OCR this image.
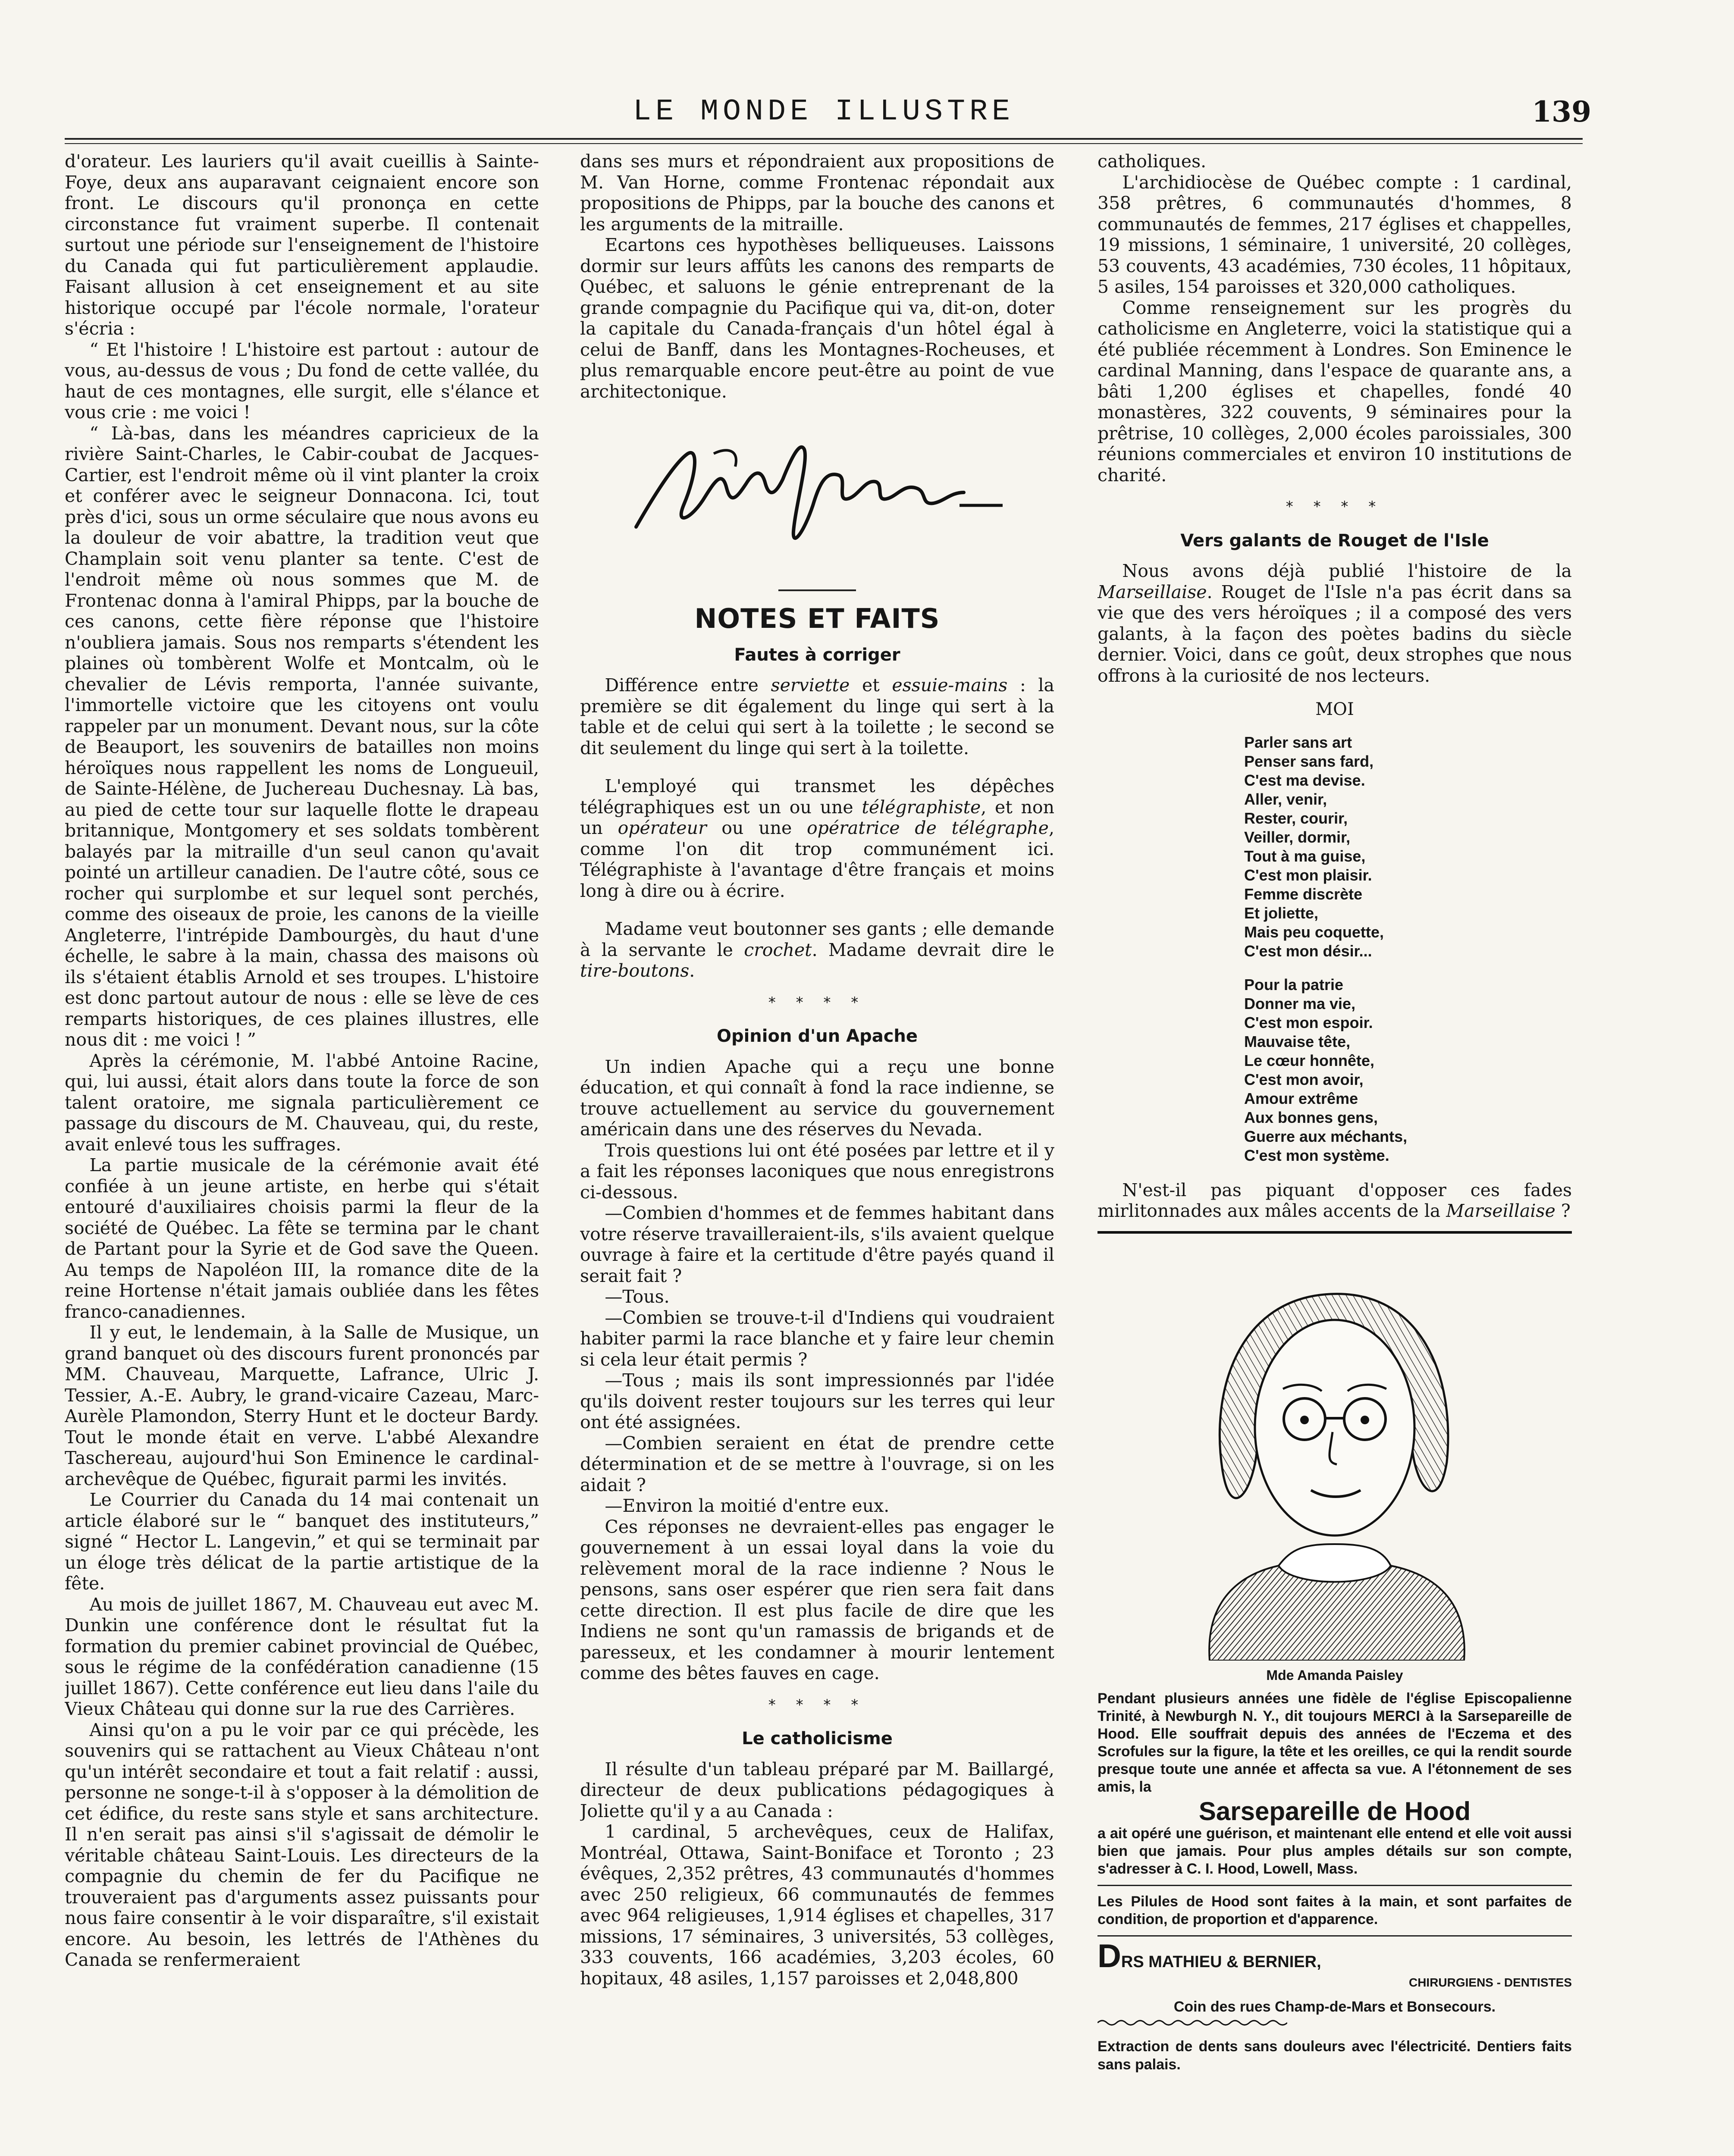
LE MONDE ILLUSTRE	139

d'orateur. Les lauriers qu'il avait cueillis à Sainte-Foye, deux ans auparavant ceignaient encore son front. Le discours qu'il prononça en cette circonstance fut vraiment superbe. Il contenait surtout une période sur l'enseignement de l'histoire du Canada qui fut particulièrement applaudie. Faisant allusion à cet enseignement et au site historique occupé par l'école normale, l'orateur s'écria :

“ Et l'histoire ! L'histoire est partout : autour de vous, au-dessus de vous ; Du fond de cette vallée, du haut de ces montagnes, elle surgit, elle s'élance et vous crie : me voici !

“ Là-bas, dans les méandres capricieux de la rivière Saint-Charles, le Cabir-coubat de Jacques-Cartier, est l'endroit même où il vint planter la croix et conférer avec le seigneur Donnacona. Ici, tout près d'ici, sous un orme séculaire que nous avons eu la douleur de voir abattre, la tradition veut que Champlain soit venu planter sa tente. C'est de l'endroit même où nous sommes que M. de Frontenac donna à l'amiral Phipps, par la bouche de ces canons, cette fière réponse que l'histoire n'oubliera jamais. Sous nos remparts s'étendent les plaines où tombèrent Wolfe et Montcalm, où le chevalier de Lévis remporta, l'année suivante, l'immortelle victoire que les citoyens ont voulu rappeler par un monument. Devant nous, sur la côte de Beauport, les souvenirs de batailles non moins héroïques nous rappellent les noms de Longueuil, de Sainte-Hélène, de Juchereau Duchesnay. Là bas, au pied de cette tour sur laquelle flotte le drapeau britannique, Montgomery et ses soldats tombèrent balayés par la mitraille d'un seul canon qu'avait pointé un artilleur canadien. De l'autre côté, sous ce rocher qui surplombe et sur lequel sont perchés, comme des oiseaux de proie, les canons de la vieille Angleterre, l'intrépide Dambourgès, du haut d'une échelle, le sabre à la main, chassa des maisons où ils s'étaient établis Arnold et ses troupes. L'histoire est donc partout autour de nous : elle se lève de ces remparts historiques, de ces plaines illustres, elle nous dit : me voici ! ”

Après la cérémonie, M. l'abbé Antoine Racine, qui, lui aussi, était alors dans toute la force de son talent oratoire, me signala particulièrement ce passage du discours de M. Chauveau, qui, du reste, avait enlevé tous les suffrages.

La partie musicale de la cérémonie avait été confiée à un jeune artiste, en herbe qui s'était entouré d'auxiliaires choisis parmi la fleur de la société de Québec. La fête se termina par le chant de Partant pour la Syrie et de God save the Queen. Au temps de Napoléon III, la romance dite de la reine Hortense n'était jamais oubliée dans les fêtes franco-canadiennes.

Il y eut, le lendemain, à la Salle de Musique, un grand banquet où des discours furent prononcés par MM. Chauveau, Marquette, Lafrance, Ulric J. Tessier, A.-E. Aubry, le grand-vicaire Cazeau, Marc-Aurèle Plamondon, Sterry Hunt et le docteur Bardy. Tout le monde était en verve. L'abbé Alexandre Taschereau, aujourd'hui Son Eminence le cardinal-archevêque de Québec, figurait parmi les invités.

Le Courrier du Canada du 14 mai contenait un article élaboré sur le “ banquet des instituteurs,” signé “ Hector L. Langevin,” et qui se terminait par un éloge très délicat de la partie artistique de la fête.

Au mois de juillet 1867, M. Chauveau eut avec M. Dunkin une conférence dont le résultat fut la formation du premier cabinet provincial de Québec, sous le régime de la confédération canadienne (15 juillet 1867). Cette conférence eut lieu dans l'aile du Vieux Château qui donne sur la rue des Carrières.

Ainsi qu'on a pu le voir par ce qui précède, les souvenirs qui se rattachent au Vieux Château n'ont qu'un intérêt secondaire et tout a fait relatif : aussi, personne ne songe-t-il à s'opposer à la démolition de cet édifice, du reste sans style et sans architecture. Il n'en serait pas ainsi s'il s'agissait de démolir le véritable château Saint-Louis. Les directeurs de la compagnie du chemin de fer du Pacifique ne trouveraient pas d'arguments assez puissants pour nous faire consentir à le voir disparaître, s'il existait encore. Au besoin, les lettrés de l'Athènes du Canada se renfermeraient

dans ses murs et répondraient aux propositions de M. Van Horne, comme Frontenac répondait aux propositions de Phipps, par la bouche des canons et les arguments de la mitraille.

Ecartons ces hypothèses belliqueuses. Laissons dormir sur leurs affûts les canons des remparts de Québec, et saluons le génie entreprenant de la grande compagnie du Pacifique qui va, dit-on, doter la capitale du Canada-français d'un hôtel égal à celui de Banff, dans les Montagnes-Rocheuses, et plus remarquable encore peut-être au point de vue architectonique.

NOTES ET FAITS
Fautes à corriger

Différence entre serviette et essuie-mains : la première se dit également du linge qui sert à la table et de celui qui sert à la toilette ; le second se dit seulement du linge qui sert à la toilette.

L'employé qui transmet les dépêches télégraphiques est un ou une télégraphiste, et non un opérateur ou une opératrice de télégraphe, comme l'on dit trop communément ici. Télégraphiste à l'avantage d'être français et moins long à dire ou à écrire.

Madame veut boutonner ses gants ; elle demande à la servante le crochet. Madame devrait dire le tire-boutons.

* * * *
Opinion d'un Apache

Un indien Apache qui a reçu une bonne éducation, et qui connaît à fond la race indienne, se trouve actuellement au service du gouvernement américain dans une des réserves du Nevada.

Trois questions lui ont été posées par lettre et il y a fait les réponses laconiques que nous enregistrons ci-dessous.

—Combien d'hommes et de femmes habitant dans votre réserve travailleraient-ils, s'ils avaient quelque ouvrage à faire et la certitude d'être payés quand il serait fait ?

—Tous.

—Combien se trouve-t-il d'Indiens qui voudraient habiter parmi la race blanche et y faire leur chemin si cela leur était permis ?

—Tous ; mais ils sont impressionnés par l'idée qu'ils doivent rester toujours sur les terres qui leur ont été assignées.

—Combien seraient en état de prendre cette détermination et de se mettre à l'ouvrage, si on les aidait ?

—Environ la moitié d'entre eux.

Ces réponses ne devraient-elles pas engager le gouvernement à un essai loyal dans la voie du relèvement moral de la race indienne ? Nous le pensons, sans oser espérer que rien sera fait dans cette direction. Il est plus facile de dire que les Indiens ne sont qu'un ramassis de brigands et de paresseux, et les condamner à mourir lentement comme des bêtes fauves en cage.

* * * *
Le catholicisme

Il résulte d'un tableau préparé par M. Baillargé, directeur de deux publications pédagogiques à Joliette qu'il y a au Canada :

1 cardinal, 5 archevêques, ceux de Halifax, Montréal, Ottawa, Saint-Boniface et Toronto ; 23 évêques, 2,352 prêtres, 43 communautés d'hommes avec 250 religieux, 66 communautés de femmes avec 964 religieuses, 1,914 églises et chapelles, 317 missions, 17 séminaires, 3 universités, 53 collèges, 333 couvents, 166 académies, 3,203 écoles, 60 hopitaux, 48 asiles, 1,157 paroisses et 2,048,800

catholiques.

L'archidiocèse de Québec compte : 1 cardinal, 358 prêtres, 6 communautés d'hommes, 8 communautés de femmes, 217 églises et chappelles, 19 missions, 1 séminaire, 1 université, 20 collèges, 53 couvents, 43 académies, 730 écoles, 11 hôpitaux, 5 asiles, 154 paroisses et 320,000 catholiques.

Comme renseignement sur les progrès du catholicisme en Angleterre, voici la statistique qui a été publiée récemment à Londres. Son Eminence le cardinal Manning, dans l'espace de quarante ans, a bâti 1,200 églises et chapelles, fondé 40 monastères, 322 couvents, 9 séminaires pour la prêtrise, 10 collèges, 2,000 écoles paroissiales, 300 réunions commerciales et environ 10 institutions de charité.

* * * *
Vers galants de Rouget de l'Isle

Nous avons déjà publié l'histoire de la Marseillaise. Rouget de l'Isle n'a pas écrit dans sa vie que des vers héroïques ; il a composé des vers galants, à la façon des poètes badins du siècle dernier. Voici, dans ce goût, deux strophes que nous offrons à la curiosité de nos lecteurs.

MOI
Parler sans art
Penser sans fard,
C'est ma devise.
Aller, venir,
Rester, courir,
Veiller, dormir,
Tout à ma guise,
C'est mon plaisir.
Femme discrète
Et joliette,
Mais peu coquette,
C'est mon désir...
Pour la patrie
Donner ma vie,
C'est mon espoir.
Mauvaise tête,
Le cœur honnête,
C'est mon avoir,
Amour extrême
Aux bonnes gens,
Guerre aux méchants,
C'est mon système.

N'est-il pas piquant d'opposer ces fades mirlitonnades aux mâles accents de la Marseillaise ?

Mde Amanda Paisley

Pendant plusieurs années une fidèle de l'église Episcopalienne Trinité, à Newburgh N. Y., dit toujours MERCI à la Sarsepareille de Hood. Elle souffrait depuis des années de l'Eczema et des Scrofules sur la figure, la tête et les oreilles, ce qui la rendit sourde presque toute une année et affecta sa vue. A l'étonnement de ses amis, la

Sarsepareille de Hood

a ait opéré une guérison, et maintenant elle entend et elle voit aussi bien que jamais. Pour plus amples détails sur son compte, s'adresser à C. I. Hood, Lowell, Mass.

Les Pilules de Hood sont faites à la main, et sont parfaites de condition, de proportion et d'apparence.

DRS MATHIEU & BERNIER,
CHIRURGIENS - DENTISTES
Coin des rues Champ-de-Mars et Bonsecours.
Extraction de dents sans douleurs avec l'électricité. Dentiers faits sans palais.
